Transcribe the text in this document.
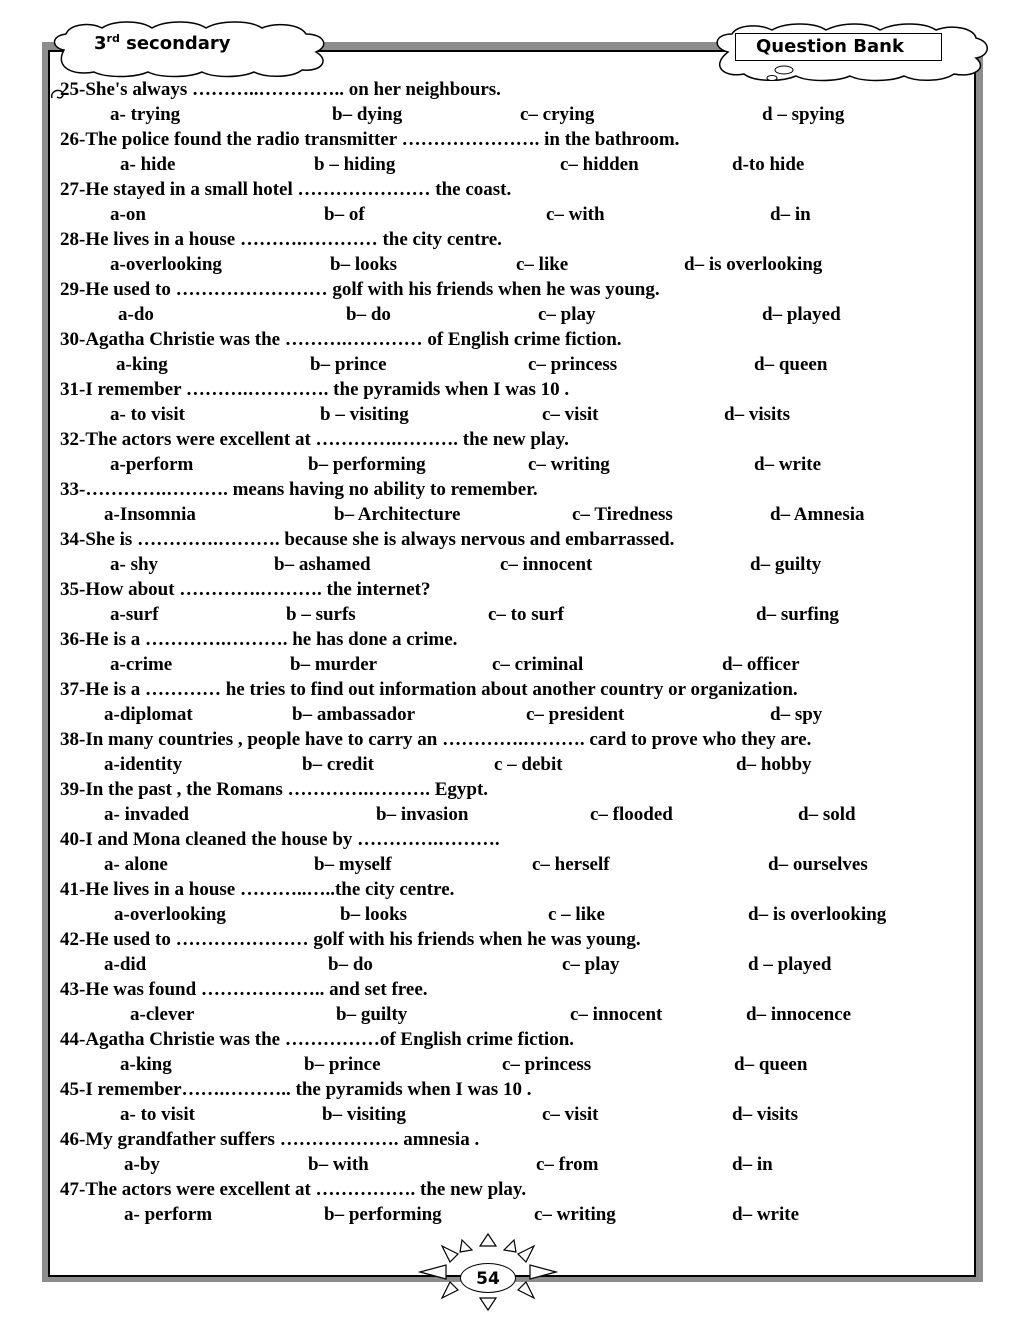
3rd secondary	Question Bank
25-She's always ………..………….. on her neighbours.
a- trying	b– dying	c– crying	d – spying
26-The police found the radio transmitter …………………. in the bathroom.
a- hide	b – hiding	c– hidden	d-to hide
27-He stayed in a small hotel ………………… the coast.
a-on	b– of	c– with	d– in
28-He lives in a house ……….………… the city centre.
a-overlooking	b– looks	c– like	d– is overlooking
29-He used to …………………… golf with his friends when he was young.
a-do	b– do	c– play	d– played
30-Agatha Christie was the ……….………… of English crime fiction.
a-king	b– prince	c– princess	d– queen
31-I remember ……….…………. the pyramids when I was 10 .
a- to visit	b – visiting	c– visit	d– visits
32-The actors were excellent at ………….………. the new play.
a-perform	b– performing	c– writing	d– write
33-………….………. means having no ability to remember.
a-Insomnia	b– Architecture	c– Tiredness	d– Amnesia
34-She is ………….………. because she is always nervous and embarrassed.
a- shy	b– ashamed	c– innocent	d– guilty
35-How about ………….………. the internet?
a-surf	b – surfs	c– to surf	d– surfing
36-He is a ………….………. he has done a crime.
a-crime	b– murder	c– criminal	d– officer
37-He is a ………… he tries to find out information about another country or organization.
a-diplomat	b– ambassador	c– president	d– spy
38-In many countries , people have to carry an ………….………. card to prove who they are.
a-identity	b– credit	c – debit	d– hobby
39-In the past , the Romans ………….………. Egypt.
a- invaded	b– invasion	c– flooded	d– sold
40-I and Mona cleaned the house by ………….……….
a- alone	b– myself	c– herself	d– ourselves
41-He lives in a house ………..…..the city centre.
a-overlooking	b– looks	c – like	d– is overlooking
42-He used to ………………… golf with his friends when he was young.
a-did	b– do	c– play	d – played
43-He was found ……………….. and set free.
a-clever	b– guilty	c– innocent	d– innocence
44-Agatha Christie was the ……………of English crime fiction.
a-king	b– prince	c– princess	d– queen
45-I remember…….……….. the pyramids when I was 10 .
a- to visit	b– visiting	c– visit	d– visits
46-My grandfather suffers ………………. amnesia .
a-by	b– with	c– from	d– in
47-The actors were excellent at ……………. the new play.
a- perform	b– performing	c– writing	d– write
54
